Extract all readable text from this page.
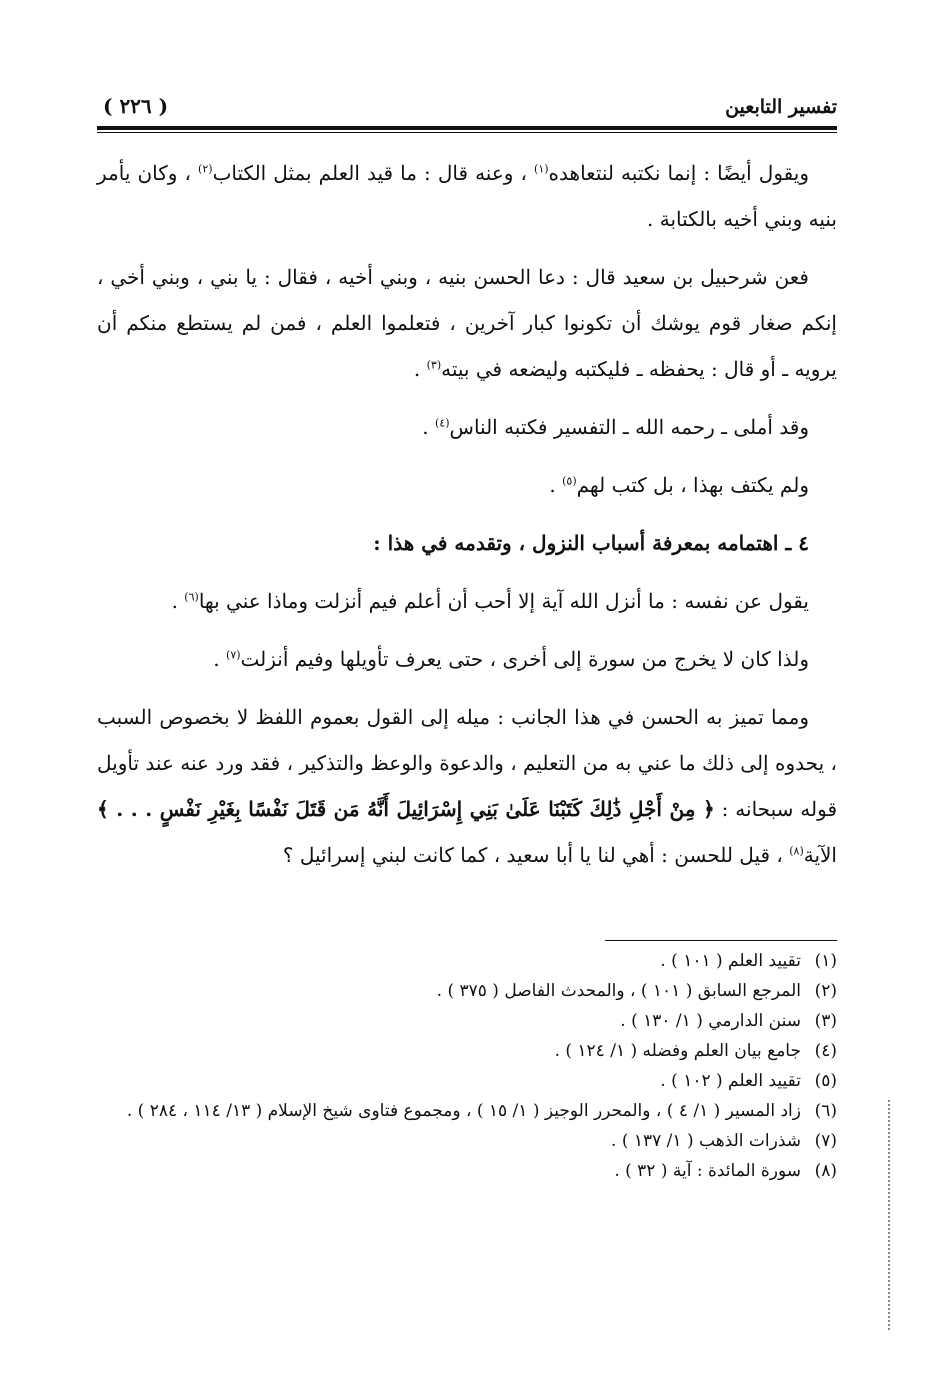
تفسير التابعين
( ٢٢٦ )

ويقول أيضًا : إنما نكتبه لنتعاهده$^{(١)}$ ، وعنه قال : ما قيد العلم بمثل الكتاب$^{(٢)}$ ، وكان يأمر بنيه وبني أخيه بالكتابة .

فعن شرحبيل بن سعيد قال : دعا الحسن بنيه ، وبني أخيه ، فقال : يا بني ، وبني أخي ، إنكم صغار قوم يوشك أن تكونوا كبار آخرين ، فتعلموا العلم ، فمن لم يستطع منكم أن يرويه ـ أو قال : يحفظه ـ فليكتبه وليضعه في بيته$^{(٣)}$ .

وقد أملى ـ رحمه الله ـ التفسير فكتبه الناس$^{(٤)}$ .

ولم يكتف بهذا ، بل كتب لهم$^{(٥)}$ .

٤ ـ اهتمامه بمعرفة أسباب النزول ، وتقدمه في هذا :

يقول عن نفسه : ما أنزل الله آية إلا أحب أن أعلم فيم أنزلت وماذا عني بها$^{(٦)}$ .

ولذا كان لا يخرج من سورة إلى أخرى ، حتى يعرف تأويلها وفيم أنزلت$^{(٧)}$ .

ومما تميز به الحسن في هذا الجانب : ميله إلى القول بعموم اللفظ لا بخصوص السبب ، يحدوه إلى ذلك ما عني به من التعليم ، والدعوة والوعظ والتذكير ، فقد ورد عنه عند تأويل قوله سبحانه : ﴿ مِنْ أَجْلِ ذَٰلِكَ كَتَبْنَا عَلَىٰ بَنِي إِسْرَائِيلَ أَنَّهُ مَن قَتَلَ نَفْسًا بِغَيْرِ نَفْسٍ . . . ﴾ الآية$^{(٨)}$ ، قيل للحسن : أهي لنا يا أبا سعيد ، كما كانت لبني إسرائيل ؟

(١)
تقييد العلم ( ١٠١ ) .
(٢)
المرجع السابق ( ١٠١ ) ، والمحدث الفاصل ( ٣٧٥ ) .
(٣)
سنن الدارمي ( ١/ ١٣٠ ) .
(٤)
جامع بيان العلم وفضله ( ١/ ١٢٤ ) .
(٥)
تقييد العلم ( ١٠٢ ) .
(٦)
زاد المسير ( ١/ ٤ ) ، والمحرر الوجيز ( ١/ ١٥ ) ، ومجموع فتاوى شيخ الإسلام ( ١٣/ ١١٤ ، ٢٨٤ ) .
(٧)
شذرات الذهب ( ١/ ١٣٧ ) .
(٨)
سورة المائدة : آية ( ٣٢ ) .
